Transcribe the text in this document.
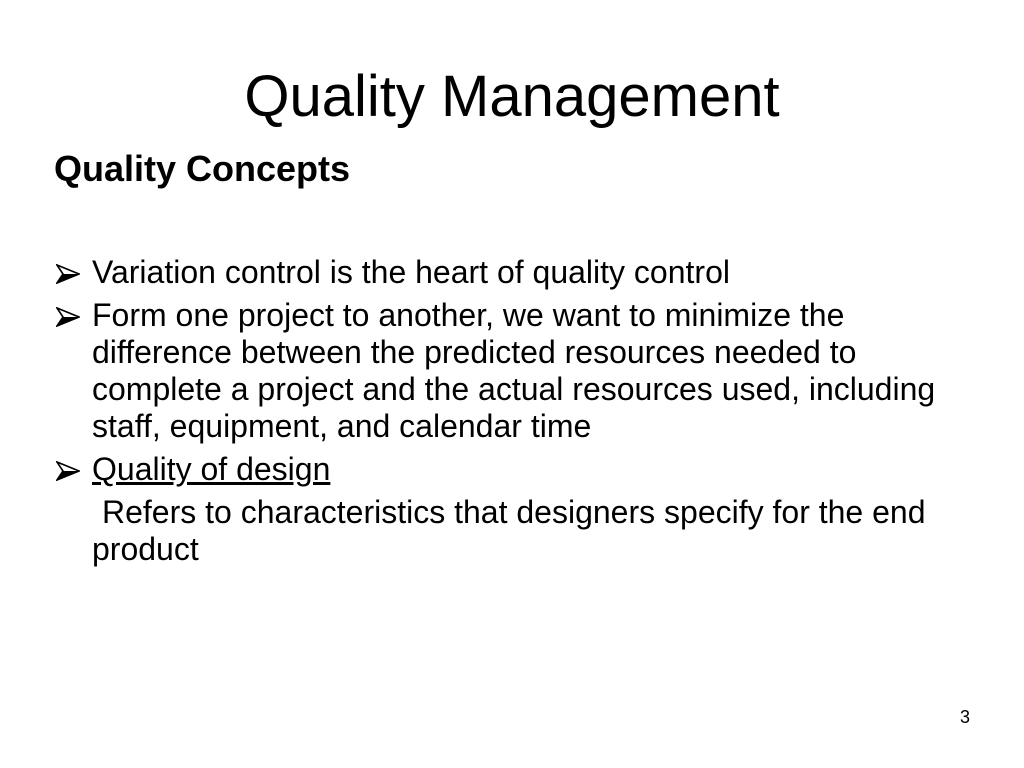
Quality Management
Quality Concepts
Variation control is the heart of quality control
Form one project to another, we want to minimize the difference between the predicted resources needed to complete a project and the actual resources used, including staff, equipment, and calendar time
Quality of design

Refers to characteristics that designers specify for the end product

3
